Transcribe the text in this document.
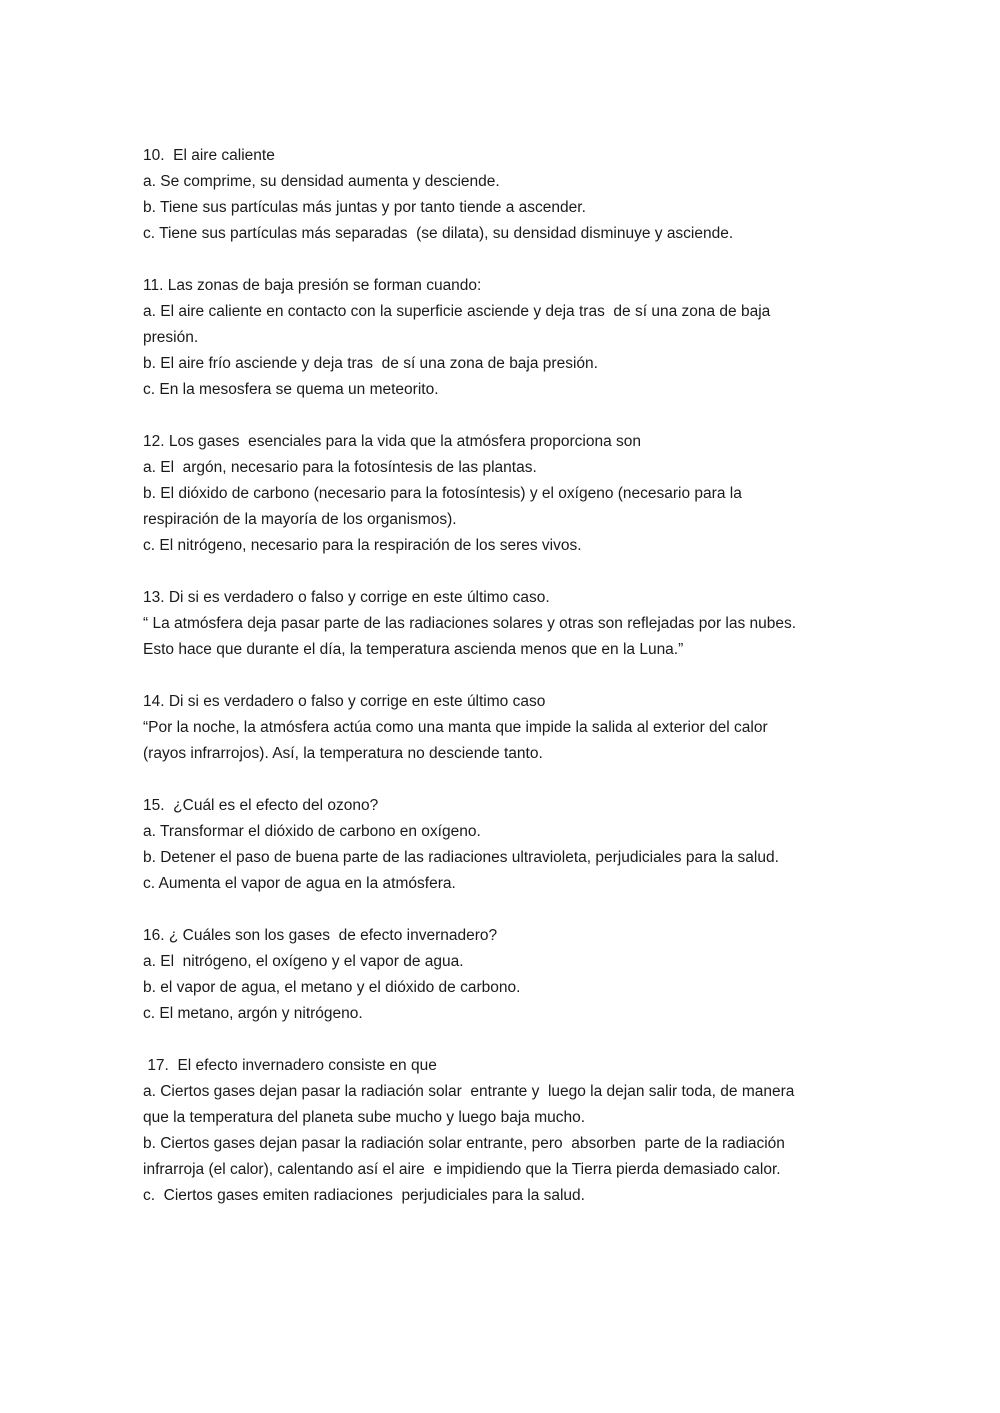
10.  El aire caliente

a. Se comprime, su densidad aumenta y desciende.

b. Tiene sus partículas más juntas y por tanto tiende a ascender.

c. Tiene sus partículas más separadas  (se dilata), su densidad disminuye y asciende.

11. Las zonas de baja presión se forman cuando:

a. El aire caliente en contacto con la superficie asciende y deja tras  de sí una zona de baja

presión.

b. El aire frío asciende y deja tras  de sí una zona de baja presión.

c. En la mesosfera se quema un meteorito.

12. Los gases  esenciales para la vida que la atmósfera proporciona son

a. El  argón, necesario para la fotosíntesis de las plantas.

b. El dióxido de carbono (necesario para la fotosíntesis) y el oxígeno (necesario para la

respiración de la mayoría de los organismos).

c. El nitrógeno, necesario para la respiración de los seres vivos.

13. Di si es verdadero o falso y corrige en este último caso.

“ La atmósfera deja pasar parte de las radiaciones solares y otras son reflejadas por las nubes.

Esto hace que durante el día, la temperatura ascienda menos que en la Luna.”

14. Di si es verdadero o falso y corrige en este último caso

“Por la noche, la atmósfera actúa como una manta que impide la salida al exterior del calor

(rayos infrarrojos). Así, la temperatura no desciende tanto.

15.  ¿Cuál es el efecto del ozono?

a. Transformar el dióxido de carbono en oxígeno.

b. Detener el paso de buena parte de las radiaciones ultravioleta, perjudiciales para la salud.

c. Aumenta el vapor de agua en la atmósfera.

16. ¿ Cuáles son los gases  de efecto invernadero?

a. El  nitrógeno, el oxígeno y el vapor de agua.

b. el vapor de agua, el metano y el dióxido de carbono.

c. El metano, argón y nitrógeno.

17.  El efecto invernadero consiste en que

a. Ciertos gases dejan pasar la radiación solar  entrante y  luego la dejan salir toda, de manera

que la temperatura del planeta sube mucho y luego baja mucho.

b. Ciertos gases dejan pasar la radiación solar entrante, pero  absorben  parte de la radiación

infrarroja (el calor), calentando así el aire  e impidiendo que la Tierra pierda demasiado calor.

c.  Ciertos gases emiten radiaciones  perjudiciales para la salud.
